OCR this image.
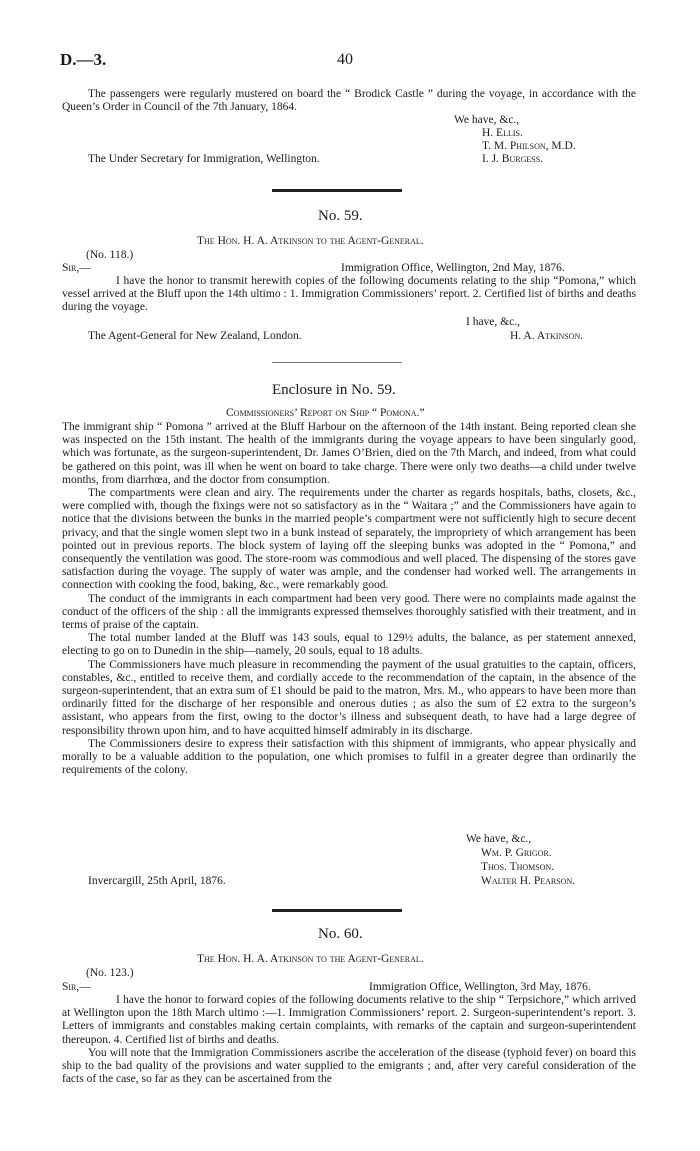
D.—3.	40
The passengers were regularly mustered on board the “ Brodick Castle ” during the voyage, in accordance with the Queen’s Order in Council of the 7th January, 1864.
We have, &c.,
H. Ellis.
T. M. Philson, M.D.
I. J. Burgess.
The Under Secretary for Immigration, Wellington.
No. 59.
The Hon. H. A. Atkinson to the Agent-General.
(No. 118.)
Sir,—	Immigration Office, Wellington, 2nd May, 1876.
I have the honor to transmit herewith copies of the following documents relating to the ship “Pomona,” which vessel arrived at the Bluff upon the 14th ultimo : 1. Immigration Commissioners’ report. 2. Certified list of births and deaths during the voyage.
I have, &c.,
The Agent-General for New Zealand, London.	H. A. Atkinson.
Enclosure in No. 59.
Commissioners’ Report on Ship “ Pomona.”

The immigrant ship “ Pomona ” arrived at the Bluff Harbour on the afternoon of the 14th instant. Being reported clean she was inspected on the 15th instant. The health of the immigrants during the voyage appears to have been singularly good, which was fortunate, as the surgeon-superintendent, Dr. James O’Brien, died on the 7th March, and indeed, from what could be gathered on this point, was ill when he went on board to take charge. There were only two deaths—a child under twelve months, from diarrhœa, and the doctor from consumption.

The compartments were clean and airy. The requirements under the charter as regards hospitals, baths, closets, &c., were complied with, though the fixings were not so satisfactory as in the “ Waitara ;” and the Commissioners have again to notice that the divisions between the bunks in the married people’s compartment were not sufficiently high to secure decent privacy, and that the single women slept two in a bunk instead of separately, the impropriety of which arrangement has been pointed out in previous reports. The block system of laying off the sleeping bunks was adopted in the “ Pomona,” and consequently the ventilation was good. The store-room was commodious and well placed. The dispensing of the stores gave satisfaction during the voyage. The supply of water was ample, and the condenser had worked well. The arrangements in connection with cooking the food, baking, &c., were remarkably good.

The conduct of the immigrants in each compartment had been very good. There were no complaints made against the conduct of the officers of the ship : all the immigrants expressed themselves thoroughly satisfied with their treatment, and in terms of praise of the captain.

The total number landed at the Bluff was 143 souls, equal to 129½ adults, the balance, as per statement annexed, electing to go on to Dunedin in the ship—namely, 20 souls, equal to 18 adults.

The Commissioners have much pleasure in recommending the payment of the usual gratuities to the captain, officers, constables, &c., entitled to receive them, and cordially accede to the recommendation of the captain, in the absence of the surgeon-superintendent, that an extra sum of £1 should be paid to the matron, Mrs. M., who appears to have been more than ordinarily fitted for the discharge of her responsible and onerous duties ; as also the sum of £2 extra to the surgeon’s assistant, who appears from the first, owing to the doctor’s illness and subsequent death, to have had a large degree of responsibility thrown upon him, and to have acquitted himself admirably in its discharge.

The Commissioners desire to express their satisfaction with this shipment of immigrants, who appear physically and morally to be a valuable addition to the population, one which promises to fulfil in a greater degree than ordinarily the requirements of the colony.

We have, &c.,
Wm. P. Grigor.
Thos. Thomson.
Walter H. Pearson.
Invercargill, 25th April, 1876.
No. 60.
The Hon. H. A. Atkinson to the Agent-General.
(No. 123.)
Sir,—	Immigration Office, Wellington, 3rd May, 1876.

I have the honor to forward copies of the following documents relative to the ship “ Terpsichore,” which arrived at Wellington upon the 18th March ultimo :—1. Immigration Commissioners’ report. 2. Surgeon-superintendent’s report. 3. Letters of immigrants and constables making certain complaints, with remarks of the captain and surgeon-superintendent thereupon. 4. Certified list of births and deaths.

You will note that the Immigration Commissioners ascribe the acceleration of the disease (typhoid fever) on board this ship to the bad quality of the provisions and water supplied to the emigrants ; and, after very careful consideration of the facts of the case, so far as they can be ascertained from the
